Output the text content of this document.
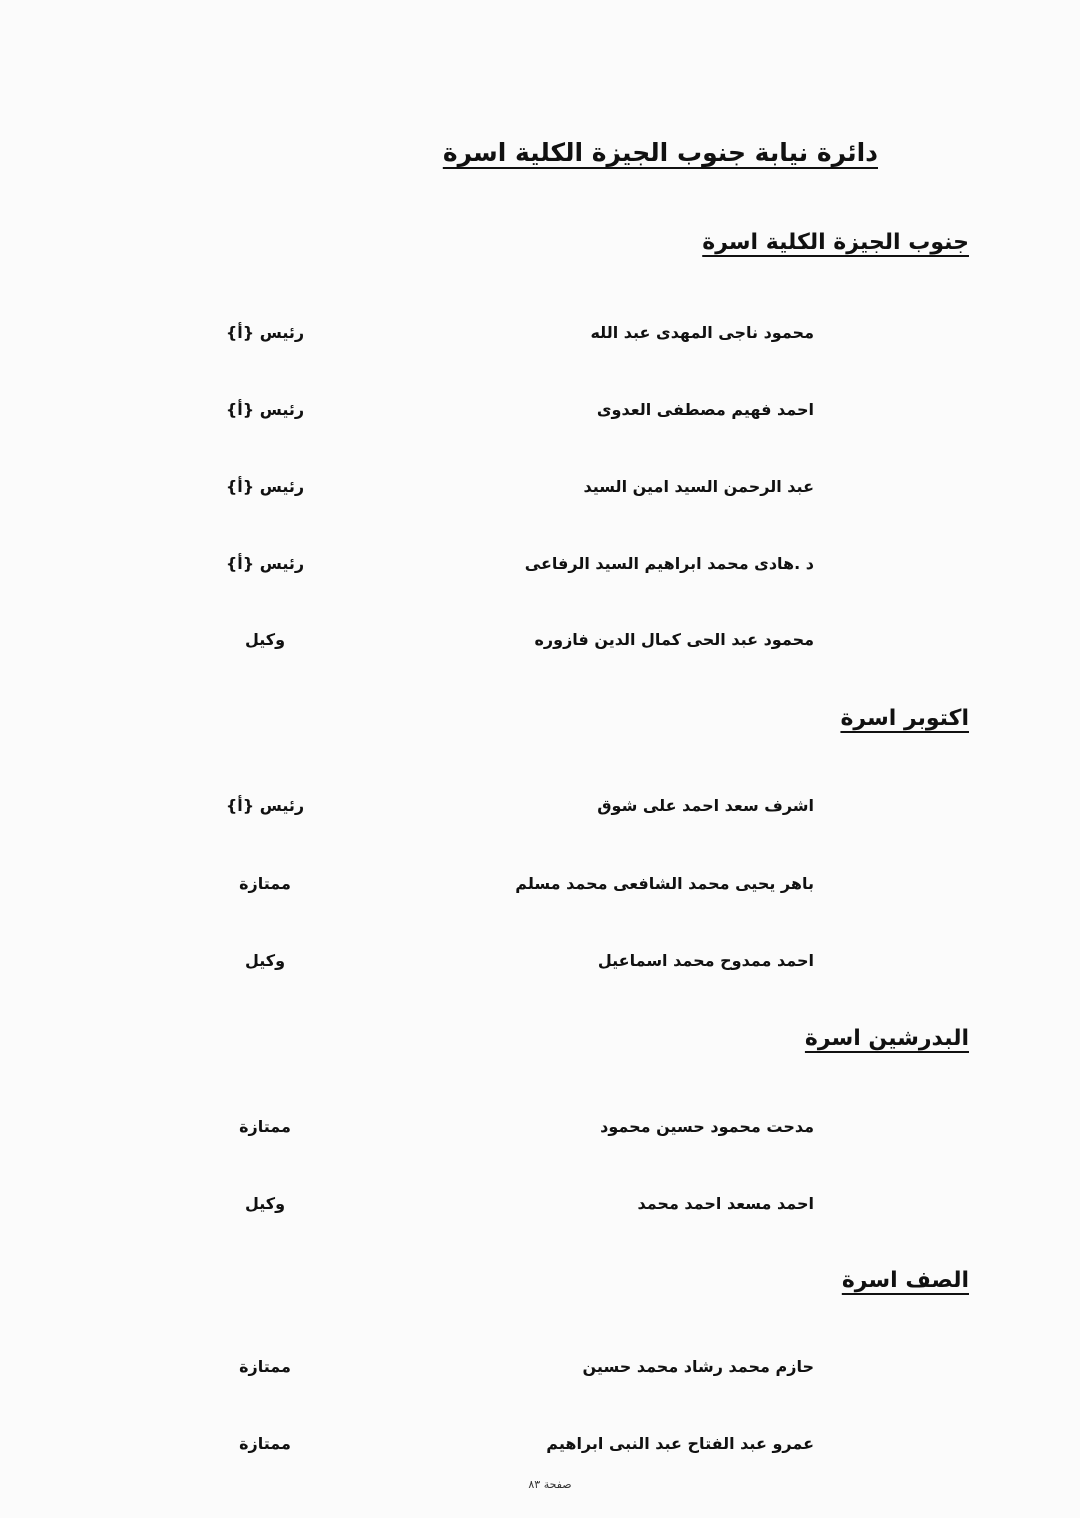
دائرة نيابة جنوب الجيزة الكلية اسرة
جنوب الجيزة الكلية اسرة
محمود ناجى المهدى عبد الله
رئيس {أ}
احمد فهيم مصطفى العدوى
رئيس {أ}
عبد الرحمن السيد امين السيد
رئيس {أ}
د .هادى محمد ابراهيم السيد الرفاعى
رئيس {أ}
محمود عبد الحى كمال الدين فازوره
وكيل
اكتوبر اسرة
اشرف سعد احمد على شوق
رئيس {أ}
باهر يحيى محمد الشافعى محمد مسلم
ممتازة
احمد ممدوح محمد اسماعيل
وكيل
البدرشين اسرة
مدحت محمود حسين محمود
ممتازة
احمد مسعد احمد محمد
وكيل
الصف اسرة
حازم محمد رشاد محمد حسين
ممتازة
عمرو عبد الفتاح عبد النبى ابراهيم
ممتازة
صفحة ٨٣
